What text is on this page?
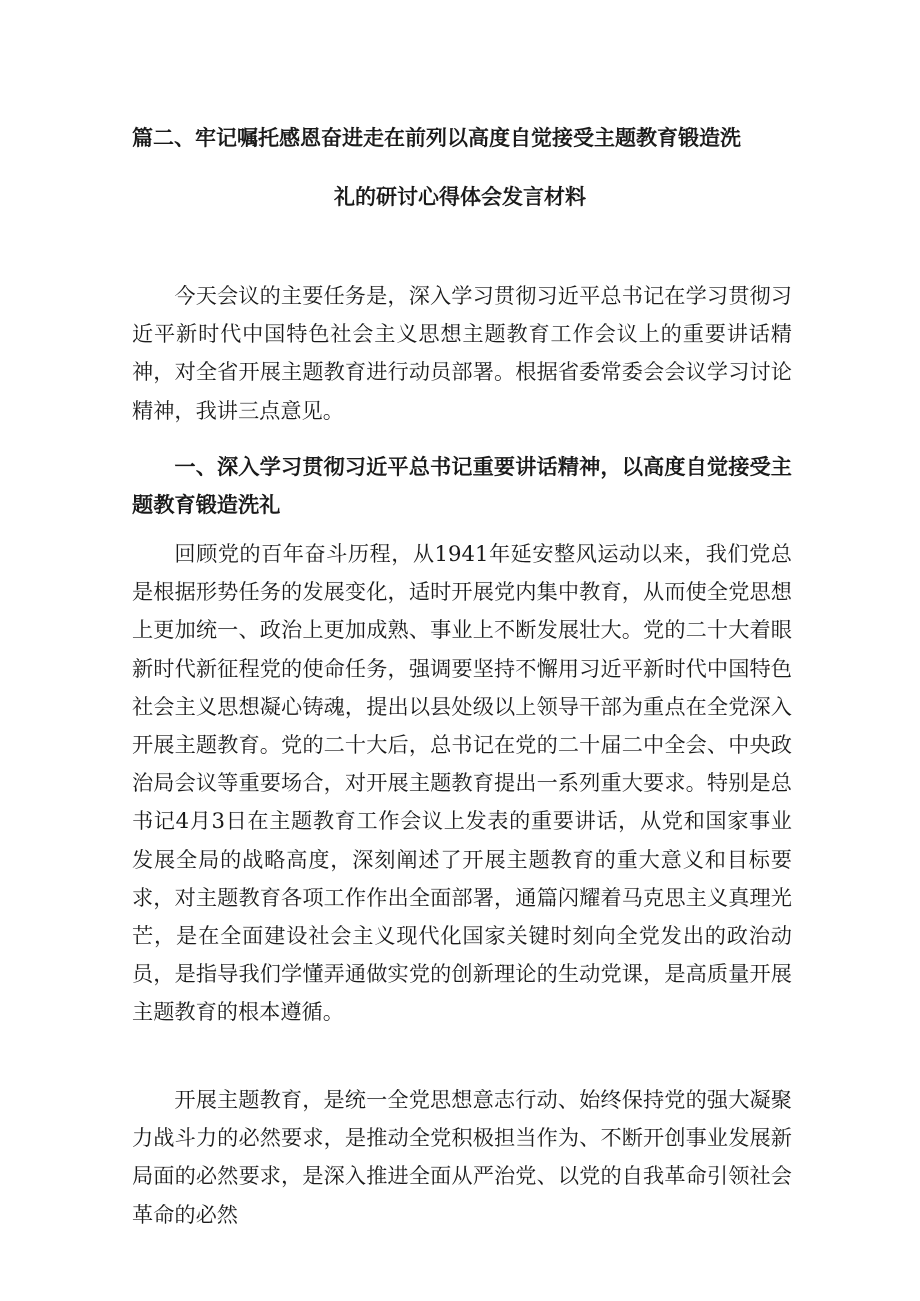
篇二、牢记嘱托感恩奋进走在前列以高度自觉接受主题教育锻造洗
礼的研讨心得体会发言材料

今天会议的主要任务是，深入学习贯彻习近平总书记在学习贯彻习近平新时代中国特色社会主义思想主题教育工作会议上的重要讲话精神，对全省开展主题教育进行动员部署。根据省委常委会会议学习讨论精神，我讲三点意见。

一、深入学习贯彻习近平总书记重要讲话精神，以高度自觉接受主题教育锻造洗礼

回顾党的百年奋斗历程，从1941年延安整风运动以来，我们党总是根据形势任务的发展变化，适时开展党内集中教育，从而使全党思想上更加统一、政治上更加成熟、事业上不断发展壮大。党的二十大着眼新时代新征程党的使命任务，强调要坚持不懈用习近平新时代中国特色社会主义思想凝心铸魂，提出以县处级以上领导干部为重点在全党深入开展主题教育。党的二十大后，总书记在党的二十届二中全会、中央政治局会议等重要场合，对开展主题教育提出一系列重大要求。特别是总书记4月3日在主题教育工作会议上发表的重要讲话，从党和国家事业发展全局的战略高度，深刻阐述了开展主题教育的重大意义和目标要求，对主题教育各项工作作出全面部署，通篇闪耀着马克思主义真理光芒，是在全面建设社会主义现代化国家关键时刻向全党发出的政治动员，是指导我们学懂弄通做实党的创新理论的生动党课，是高质量开展主题教育的根本遵循。

开展主题教育，是统一全党思想意志行动、始终保持党的强大凝聚力战斗力的必然要求，是推动全党积极担当作为、不断开创事业发展新局面的必然要求，是深入推进全面从严治党、以党的自我革命引领社会革命的必然
